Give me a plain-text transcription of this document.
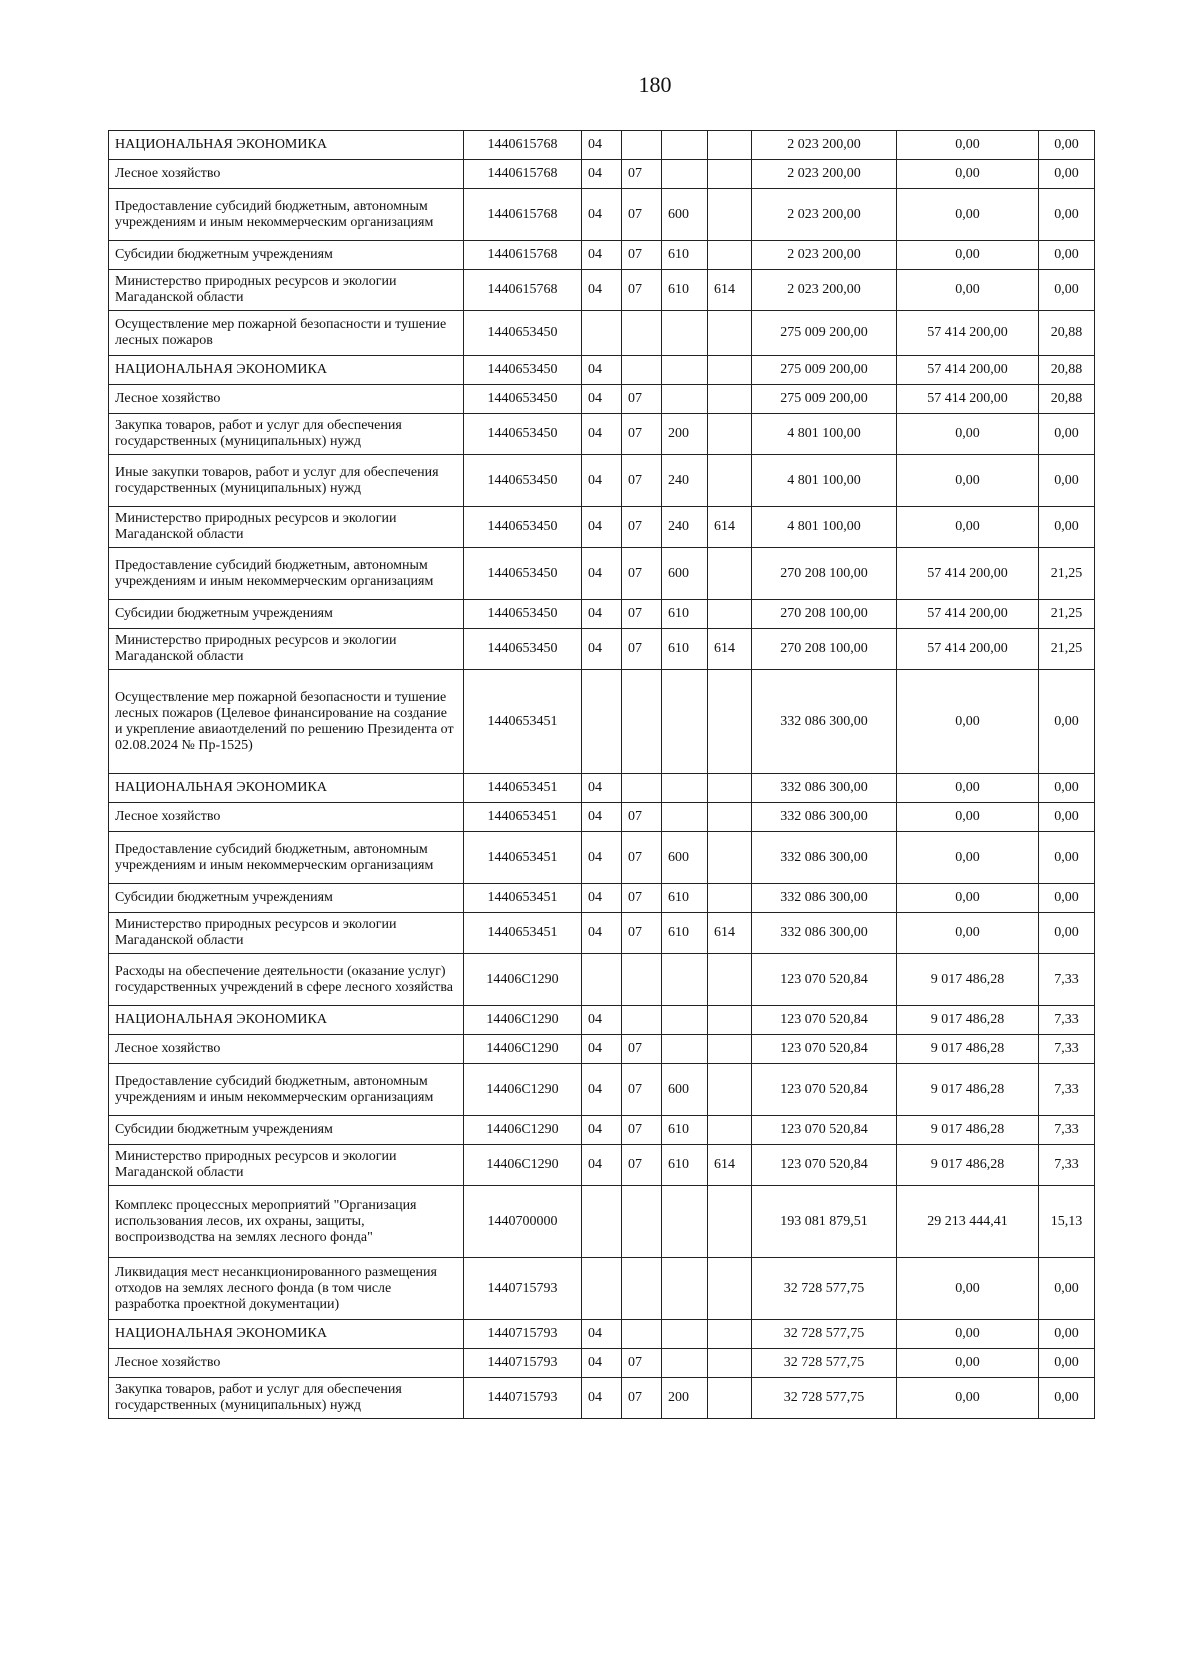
180
НАЦИОНАЛЬНАЯ ЭКОНОМИКА	1440615768	04				2 023 200,00	0,00	0,00
Лесное хозяйство	1440615768	04	07			2 023 200,00	0,00	0,00
Предоставление субсидий бюджетным, автономным учреждениям и иным некоммерческим организациям	1440615768	04	07	600		2 023 200,00	0,00	0,00
Субсидии бюджетным учреждениям	1440615768	04	07	610		2 023 200,00	0,00	0,00
Министерство природных ресурсов и экологии Магаданской области	1440615768	04	07	610	614	2 023 200,00	0,00	0,00
Осуществление мер пожарной безопасности и тушение лесных пожаров	1440653450					275 009 200,00	57 414 200,00	20,88
НАЦИОНАЛЬНАЯ ЭКОНОМИКА	1440653450	04				275 009 200,00	57 414 200,00	20,88
Лесное хозяйство	1440653450	04	07			275 009 200,00	57 414 200,00	20,88
Закупка товаров, работ и услуг для обеспечения государственных (муниципальных) нужд	1440653450	04	07	200		4 801 100,00	0,00	0,00
Иные закупки товаров, работ и услуг для обеспечения государственных (муниципальных) нужд	1440653450	04	07	240		4 801 100,00	0,00	0,00
Министерство природных ресурсов и экологии Магаданской области	1440653450	04	07	240	614	4 801 100,00	0,00	0,00
Предоставление субсидий бюджетным, автономным учреждениям и иным некоммерческим организациям	1440653450	04	07	600		270 208 100,00	57 414 200,00	21,25
Субсидии бюджетным учреждениям	1440653450	04	07	610		270 208 100,00	57 414 200,00	21,25
Министерство природных ресурсов и экологии Магаданской области	1440653450	04	07	610	614	270 208 100,00	57 414 200,00	21,25
Осуществление мер пожарной безопасности и тушение лесных пожаров (Целевое финансирование на создание и укрепление авиаотделений по решению Президента от 02.08.2024 № Пр-1525)	1440653451					332 086 300,00	0,00	0,00
НАЦИОНАЛЬНАЯ ЭКОНОМИКА	1440653451	04				332 086 300,00	0,00	0,00
Лесное хозяйство	1440653451	04	07			332 086 300,00	0,00	0,00
Предоставление субсидий бюджетным, автономным учреждениям и иным некоммерческим организациям	1440653451	04	07	600		332 086 300,00	0,00	0,00
Субсидии бюджетным учреждениям	1440653451	04	07	610		332 086 300,00	0,00	0,00
Министерство природных ресурсов и экологии Магаданской области	1440653451	04	07	610	614	332 086 300,00	0,00	0,00
Расходы на обеспечение деятельности (оказание услуг) государственных учреждений в сфере лесного хозяйства	14406С1290					123 070 520,84	9 017 486,28	7,33
НАЦИОНАЛЬНАЯ ЭКОНОМИКА	14406С1290	04				123 070 520,84	9 017 486,28	7,33
Лесное хозяйство	14406С1290	04	07			123 070 520,84	9 017 486,28	7,33
Предоставление субсидий бюджетным, автономным учреждениям и иным некоммерческим организациям	14406С1290	04	07	600		123 070 520,84	9 017 486,28	7,33
Субсидии бюджетным учреждениям	14406С1290	04	07	610		123 070 520,84	9 017 486,28	7,33
Министерство природных ресурсов и экологии Магаданской области	14406С1290	04	07	610	614	123 070 520,84	9 017 486,28	7,33
Комплекс процессных мероприятий "Организация использования лесов, их охраны, защиты, воспроизводства на землях лесного фонда"	1440700000					193 081 879,51	29 213 444,41	15,13
Ликвидация мест несанкционированного размещения отходов на землях лесного фонда (в том числе разработка проектной документации)	1440715793					32 728 577,75	0,00	0,00
НАЦИОНАЛЬНАЯ ЭКОНОМИКА	1440715793	04				32 728 577,75	0,00	0,00
Лесное хозяйство	1440715793	04	07			32 728 577,75	0,00	0,00
Закупка товаров, работ и услуг для обеспечения государственных (муниципальных) нужд	1440715793	04	07	200		32 728 577,75	0,00	0,00
